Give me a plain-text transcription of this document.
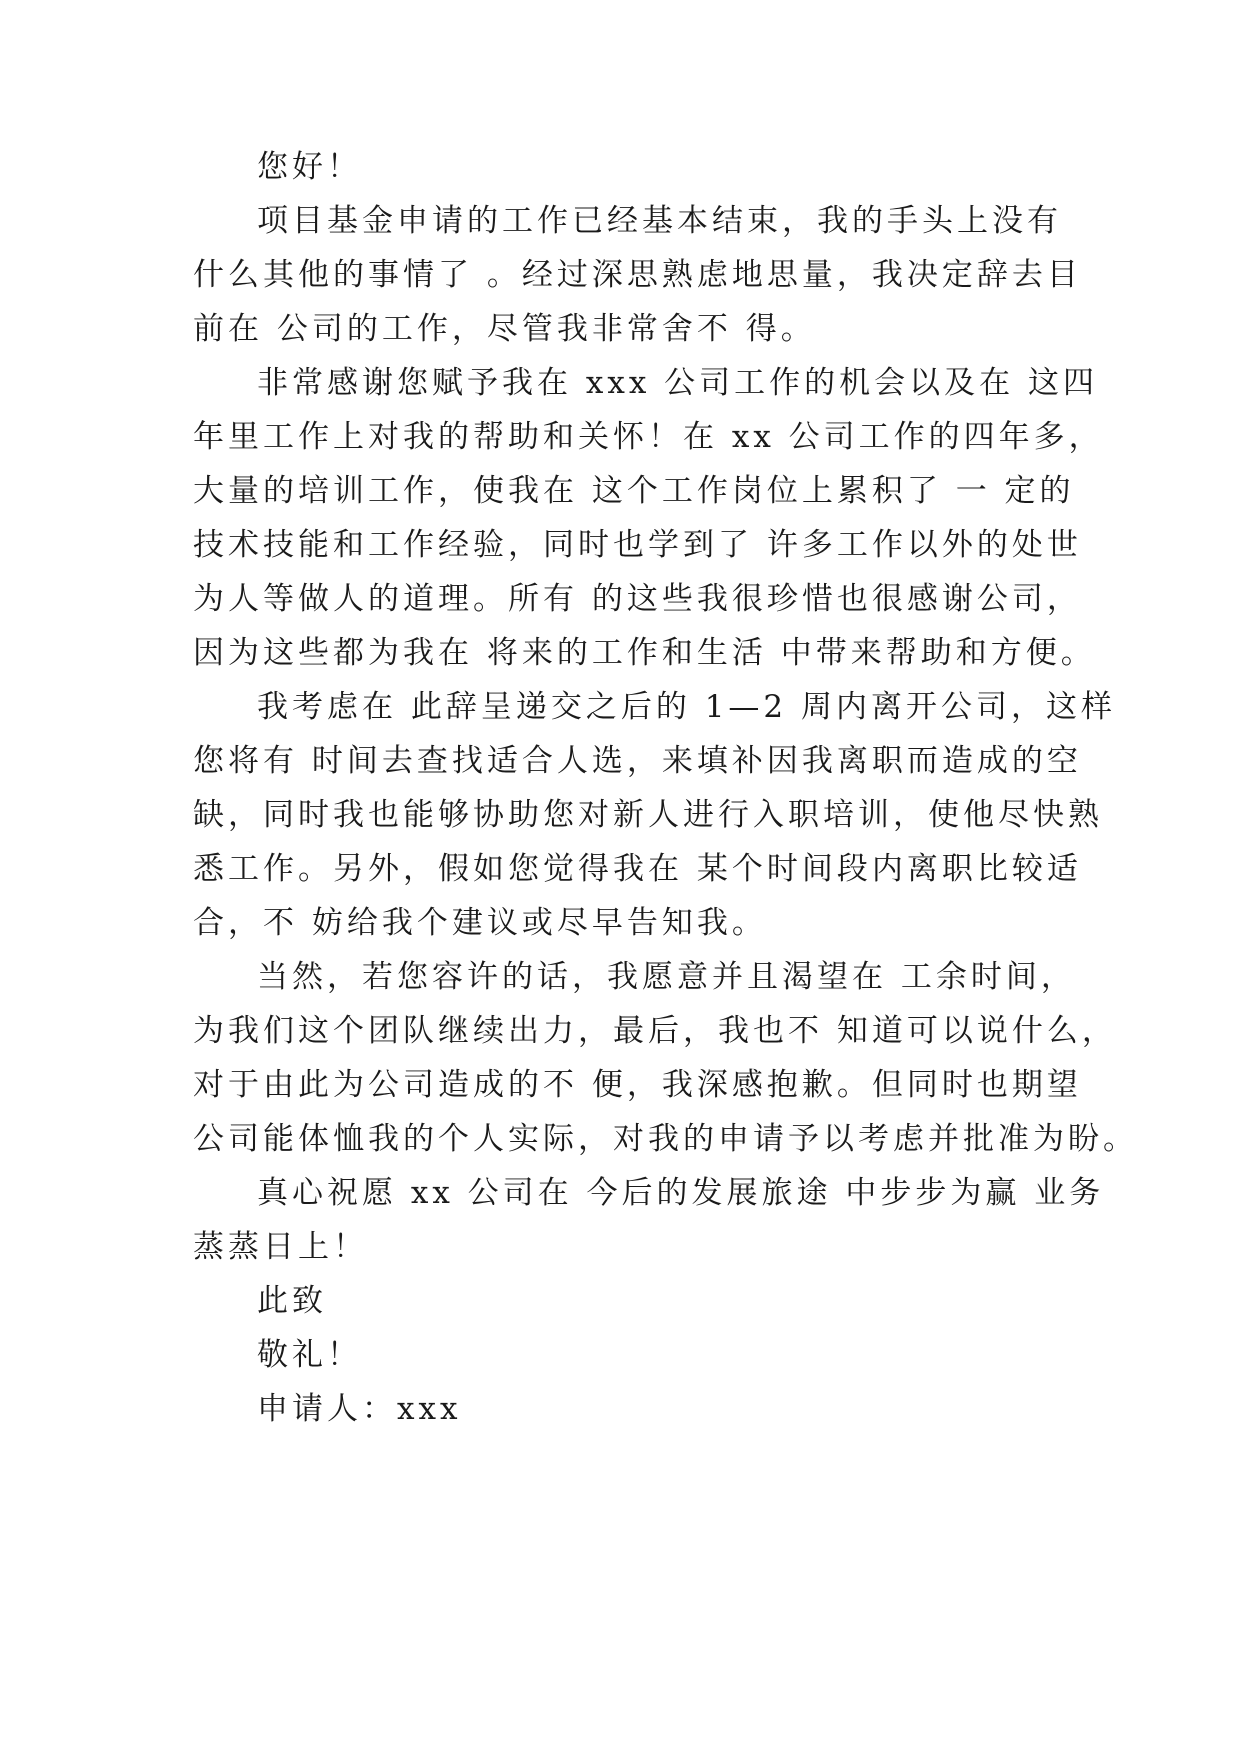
您好！
项目基金申请的工作已经基本结束，我的手头上没有
什么其他的事情了 。经过深思熟虑地思量，我决定辞去目
前在 公司的工作，尽管我非常舍不 得。
非常感谢您赋予我在 xxx 公司工作的机会以及在 这四
年里工作上对我的帮助和关怀！在 xx 公司工作的四年多，
大量的培训工作，使我在 这个工作岗位上累积了 一 定的
技术技能和工作经验，同时也学到了 许多工作以外的处世
为人等做人的道理。所有 的这些我很珍惜也很感谢公司，
因为这些都为我在 将来的工作和生活 中带来帮助和方便。
我考虑在 此辞呈递交之后的 1—2 周内离开公司，这样
您将有 时间去查找适合人选，来填补因我离职而造成的空
缺，同时我也能够协助您对新人进行入职培训，使他尽快熟
悉工作。另外，假如您觉得我在 某个时间段内离职比较适
合，不 妨给我个建议或尽早告知我。
当然，若您容许的话，我愿意并且渴望在 工余时间，
为我们这个团队继续出力，最后，我也不 知道可以说什么，
对于由此为公司造成的不 便，我深感抱歉。但同时也期望
公司能体恤我的个人实际，对我的申请予以考虑并批准为盼。
真心祝愿 xx 公司在 今后的发展旅途 中步步为赢 业务
蒸蒸日上！
此致
敬礼！
申请人：xxx
